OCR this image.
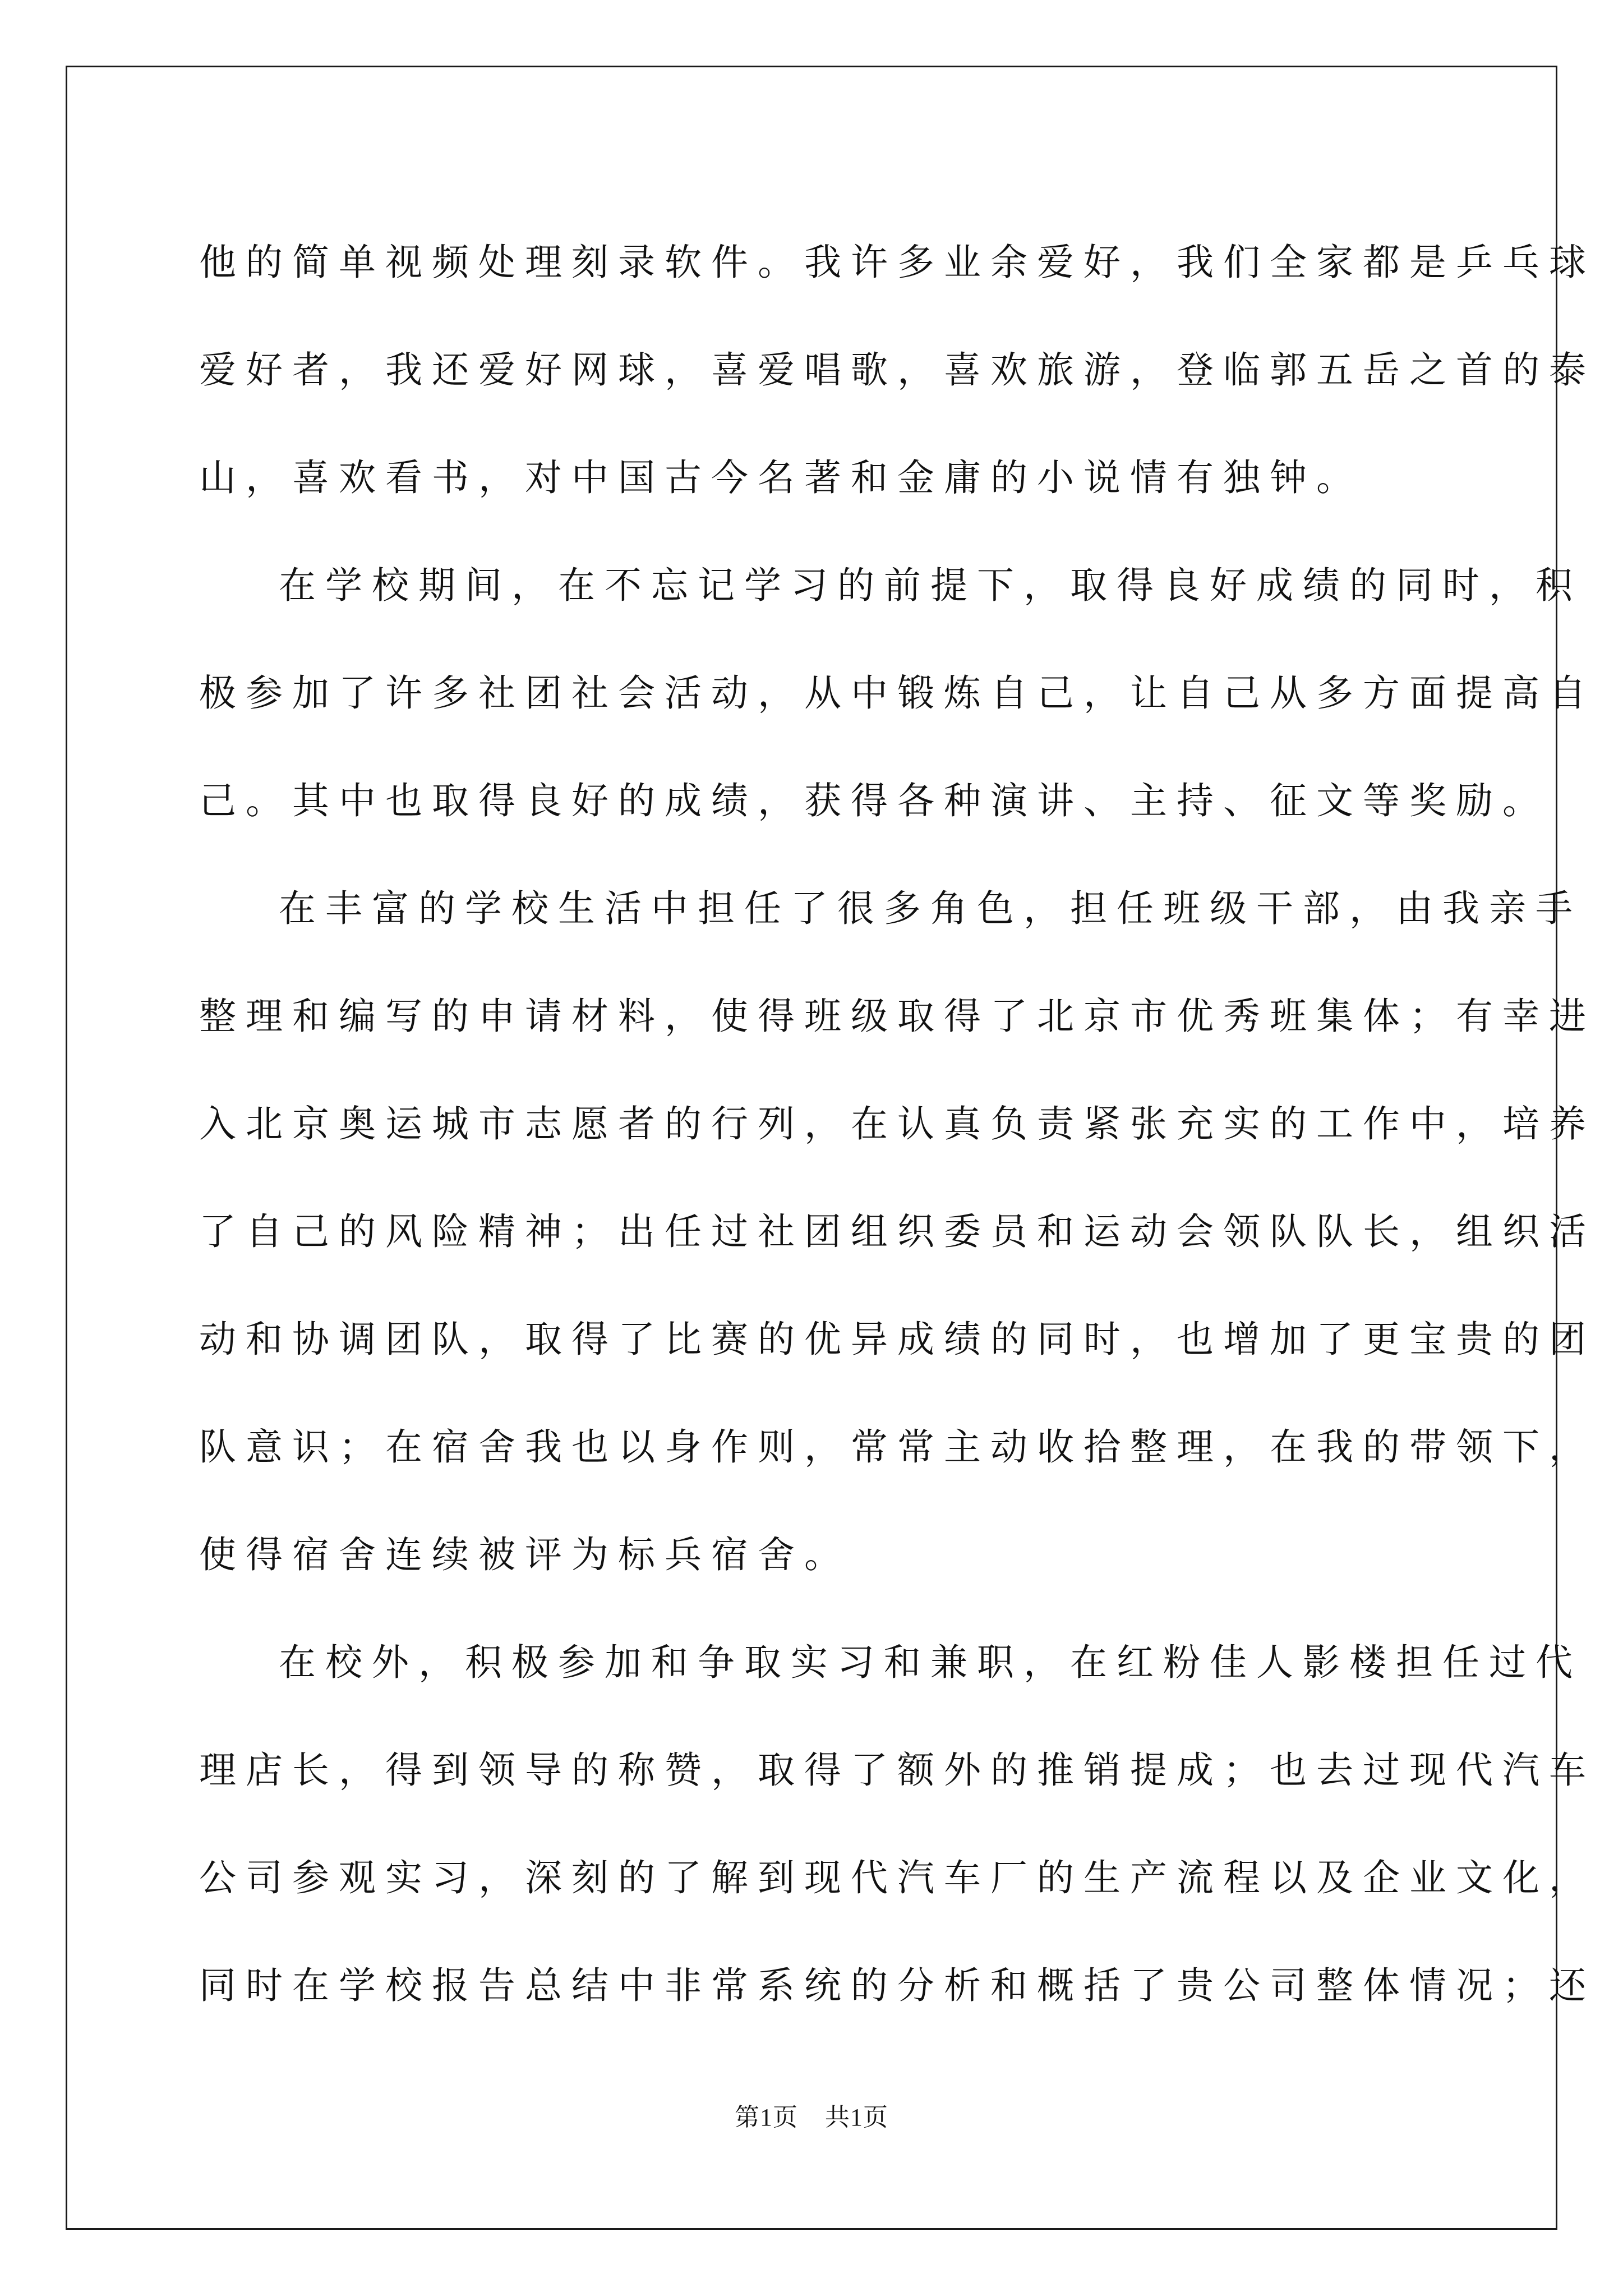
他的简单视频处理刻录软件。我许多业余爱好，我们全家都是乒乓球
爱好者，我还爱好网球，喜爱唱歌，喜欢旅游，登临郭五岳之首的泰
山，喜欢看书，对中国古今名著和金庸的小说情有独钟。
在学校期间，在不忘记学习的前提下，取得良好成绩的同时，积
极参加了许多社团社会活动，从中锻炼自己，让自己从多方面提高自
己。其中也取得良好的成绩，获得各种演讲、主持、征文等奖励。
在丰富的学校生活中担任了很多角色，担任班级干部，由我亲手
整理和编写的申请材料，使得班级取得了北京市优秀班集体；有幸进
入北京奥运城市志愿者的行列，在认真负责紧张充实的工作中，培养
了自己的风险精神；出任过社团组织委员和运动会领队队长，组织活
动和协调团队，取得了比赛的优异成绩的同时，也增加了更宝贵的团
队意识；在宿舍我也以身作则，常常主动收拾整理，在我的带领下，
使得宿舍连续被评为标兵宿舍。
在校外，积极参加和争取实习和兼职，在红粉佳人影楼担任过代
理店长，得到领导的称赞，取得了额外的推销提成；也去过现代汽车
公司参观实习，深刻的了解到现代汽车厂的生产流程以及企业文化，
同时在学校报告总结中非常系统的分析和概括了贵公司整体情况；还
第1页 共1页
